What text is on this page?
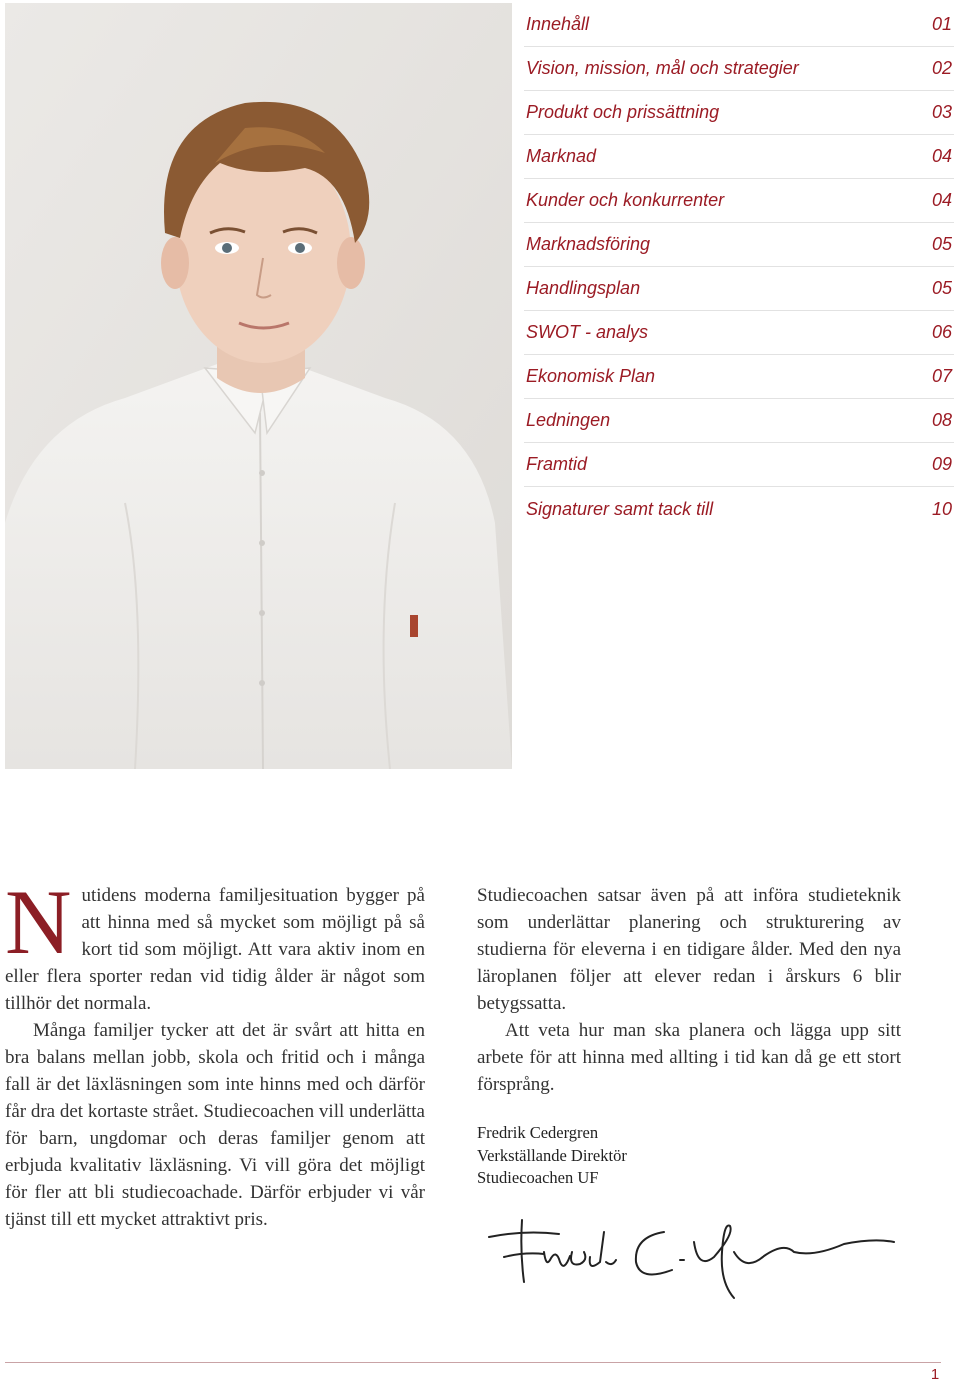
Innehåll	01
Vision, mission, mål och strategier	02
Produkt och prissättning	03
Marknad	04
Kunder och konkurrenter	04
Marknadsföring	05
Handlingsplan	05
SWOT - analys	06
Ekonomisk Plan	07
Ledningen	08
Framtid	09
Signaturer samt tack till	10

Nutidens moderna familjesituation bygger på att hinna med så mycket som möjligt på så kort tid som möjligt. Att vara aktiv inom en eller flera sporter redan vid tidig ålder är något som tillhör det normala.

Många familjer tycker att det är svårt att hitta en bra balans mellan jobb, skola och fritid och i många fall är det läxläsningen som inte hinns med och därför får dra det kortaste strået. Studiecoachen vill underlätta för barn, ungdomar och deras familjer genom att erbjuda kvalitativ läxläsning. Vi vill göra det möjligt för fler att bli studiecoachade. Därför erbjuder vi vår tjänst till ett mycket attraktivt pris.

Studiecoachen satsar även på att införa studieteknik som underlättar planering och strukturering av studierna för eleverna i en tidigare ålder. Med den nya läroplanen följer att elever redan i årskurs 6 blir betygssatta.

Att veta hur man ska planera och lägga upp sitt arbete för att hinna med allting i tid kan då ge ett stort försprång.

Fredrik Cedergren
Verkställande Direktör
Studiecoachen UF
1
